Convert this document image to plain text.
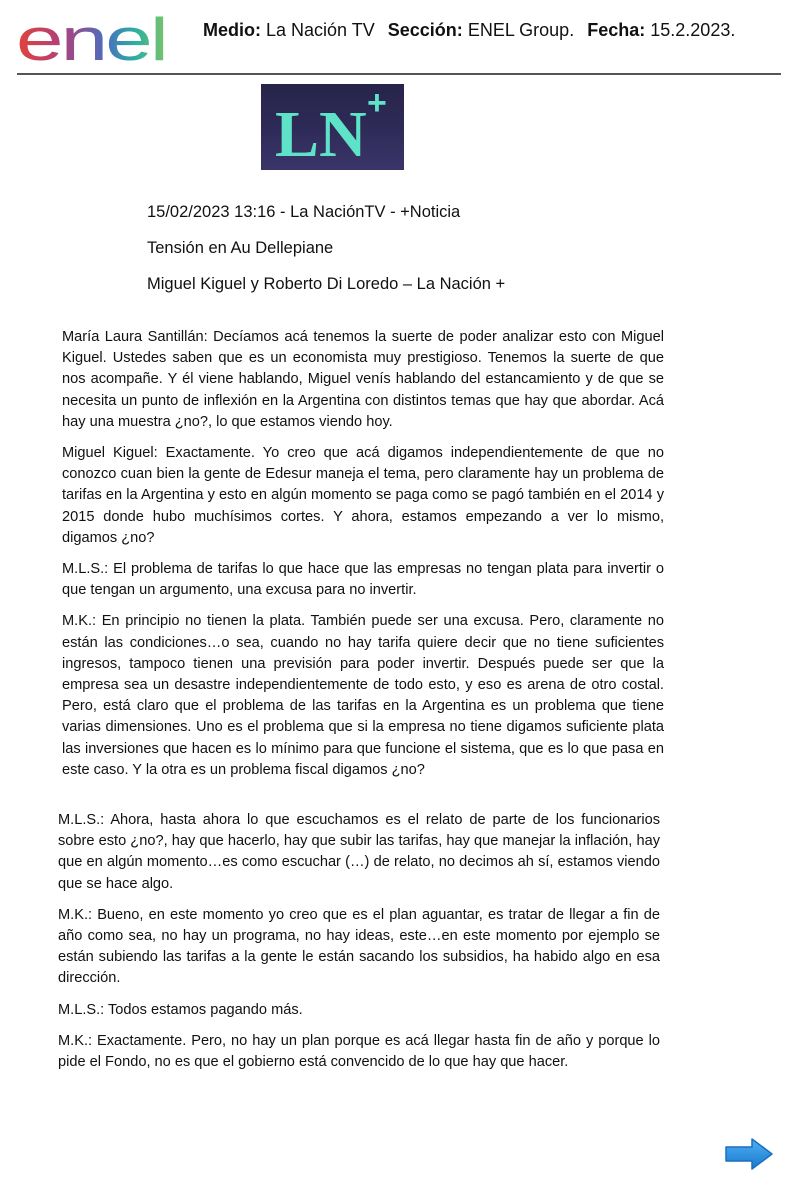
enel Medio: La Nación TV Sección: ENEL Group. Fecha: 15.2.2023.
LN +
15/02/2023 13:16 - La NaciónTV - +Noticia
Tensión en Au Dellepiane
Miguel Kiguel y Roberto Di Loredo – La Nación +

María Laura Santillán: Decíamos acá tenemos la suerte de poder analizar esto con Miguel Kiguel. Ustedes saben que es un economista muy prestigioso. Tenemos la suerte de que nos acompañe. Y él viene hablando, Miguel venís hablando del estancamiento y de que se necesita un punto de inflexión en la Argentina con distintos temas que hay que abordar. Acá hay una muestra ¿no?, lo que estamos viendo hoy.

Miguel Kiguel: Exactamente. Yo creo que acá digamos independientemente de que no conozco cuan bien la gente de Edesur maneja el tema, pero claramente hay un problema de tarifas en la Argentina y esto en algún momento se paga como se pagó también en el 2014 y 2015 donde hubo muchísimos cortes. Y ahora, estamos empezando a ver lo mismo, digamos ¿no?

M.L.S.: El problema de tarifas lo que hace que las empresas no tengan plata para invertir o que tengan un argumento, una excusa para no invertir.

M.K.: En principio no tienen la plata. También puede ser una excusa. Pero, claramente no están las condiciones…o sea, cuando no hay tarifa quiere decir que no tiene suficientes ingresos, tampoco tienen una previsión para poder invertir. Después puede ser que la empresa sea un desastre independientemente de todo esto, y eso es arena de otro costal. Pero, está claro que el problema de las tarifas en la Argentina es un problema que tiene varias dimensiones. Uno es el problema que si la empresa no tiene digamos suficiente plata las inversiones que hacen es lo mínimo para que funcione el sistema, que es lo que pasa en este caso. Y la otra es un problema fiscal digamos ¿no?

M.L.S.: Ahora, hasta ahora lo que escuchamos es el relato de parte de los funcionarios sobre esto ¿no?, hay que hacerlo, hay que subir las tarifas, hay que manejar la inflación, hay que en algún momento…es como escuchar (…) de relato, no decimos ah sí, estamos viendo que se hace algo.

M.K.: Bueno, en este momento yo creo que es el plan aguantar, es tratar de llegar a fin de año como sea, no hay un programa, no hay ideas, este…en este momento por ejemplo se están subiendo las tarifas a la gente le están sacando los subsidios, ha habido algo en esa dirección.

M.L.S.: Todos estamos pagando más.

M.K.: Exactamente. Pero, no hay un plan porque es acá llegar hasta fin de año y porque lo pide el Fondo, no es que el gobierno está convencido de lo que hay que hacer.
